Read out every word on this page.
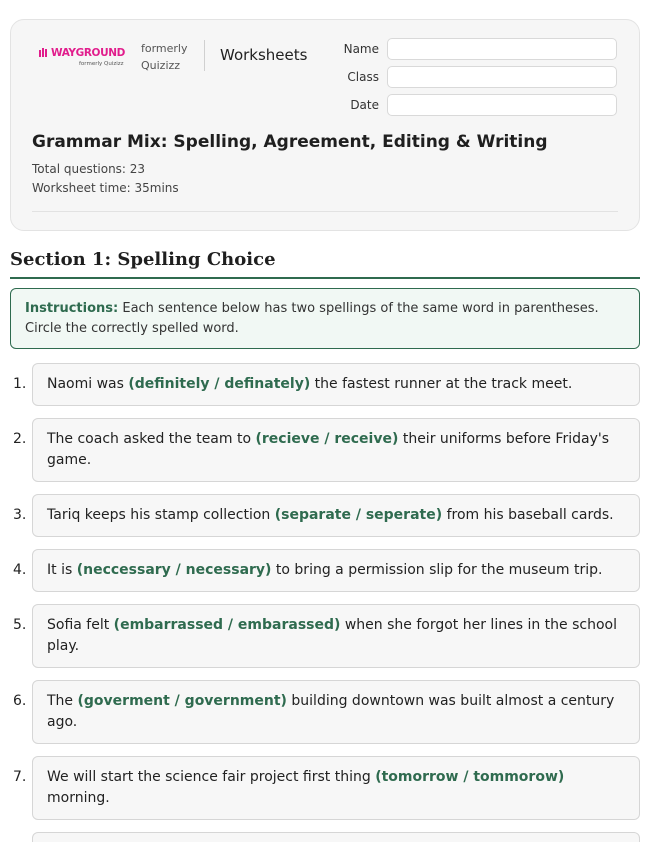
WAYGROUND
formerly Quizizz
formerly Quizizz
Worksheets	Name
Class
Date
Grammar Mix: Spelling, Agreement, Editing & Writing
Total questions: 23
Worksheet time: 35mins
Section 1: Spelling Choice
Instructions: Each sentence below has two spellings of the same word in parentheses. Circle the correctly spelled word.
1.	Naomi was (definitely / definately) the fastest runner at the track meet.
2.	The coach asked the team to (recieve / receive) their uniforms before Friday's game.
3.	Tariq keeps his stamp collection (separate / seperate) from his baseball cards.
4.	It is (neccessary / necessary) to bring a permission slip for the museum trip.
5.	Sofia felt (embarrassed / embarassed) when she forgot her lines in the school play.
6.	The (goverment / government) building downtown was built almost a century ago.
7.	We will start the science fair project first thing (tomorrow / tommorow) morning.
